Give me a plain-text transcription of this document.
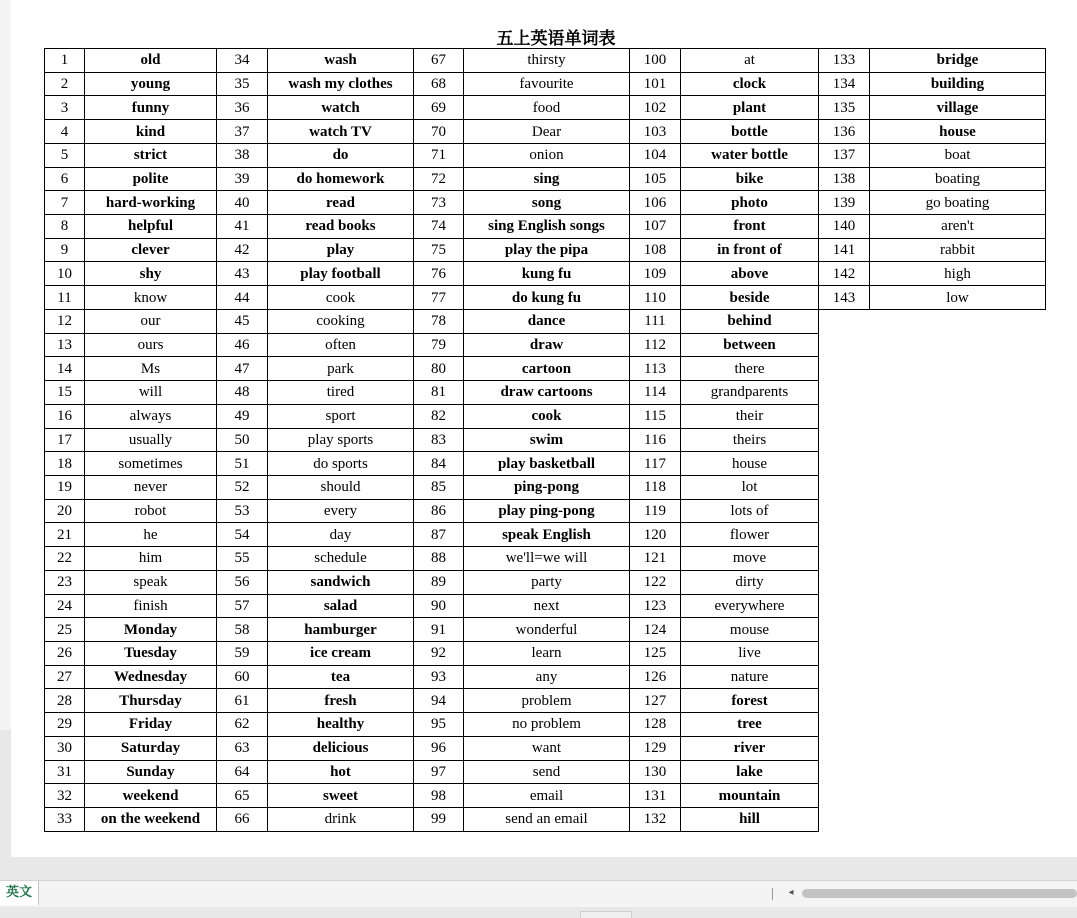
五上英语单词表
1	old	34	wash	67	thirsty	100	at	133	bridge
2	young	35	wash my clothes	68	favourite	101	clock	134	building
3	funny	36	watch	69	food	102	plant	135	village
4	kind	37	watch TV	70	Dear	103	bottle	136	house
5	strict	38	do	71	onion	104	water bottle	137	boat
6	polite	39	do homework	72	sing	105	bike	138	boating
7	hard-working	40	read	73	song	106	photo	139	go boating
8	helpful	41	read books	74	sing English songs	107	front	140	aren't
9	clever	42	play	75	play the pipa	108	in front of	141	rabbit
10	shy	43	play football	76	kung fu	109	above	142	high
11	know	44	cook	77	do kung fu	110	beside	143	low
12	our	45	cooking	78	dance	111	behind		
13	ours	46	often	79	draw	112	between		
14	Ms	47	park	80	cartoon	113	there		
15	will	48	tired	81	draw cartoons	114	grandparents		
16	always	49	sport	82	cook	115	their		
17	usually	50	play sports	83	swim	116	theirs		
18	sometimes	51	do sports	84	play basketball	117	house		
19	never	52	should	85	ping-pong	118	lot		
20	robot	53	every	86	play ping-pong	119	lots of		
21	he	54	day	87	speak English	120	flower		
22	him	55	schedule	88	we'll=we will	121	move		
23	speak	56	sandwich	89	party	122	dirty		
24	finish	57	salad	90	next	123	everywhere		
25	Monday	58	hamburger	91	wonderful	124	mouse		
26	Tuesday	59	ice cream	92	learn	125	live		
27	Wednesday	60	tea	93	any	126	nature		
28	Thursday	61	fresh	94	problem	127	forest		
29	Friday	62	healthy	95	no problem	128	tree		
30	Saturday	63	delicious	96	want	129	river		
31	Sunday	64	hot	97	send	130	lake		
32	weekend	65	sweet	98	email	131	mountain		
33	on the weekend	66	drink	99	send an email	132	hill		
英文	◂
